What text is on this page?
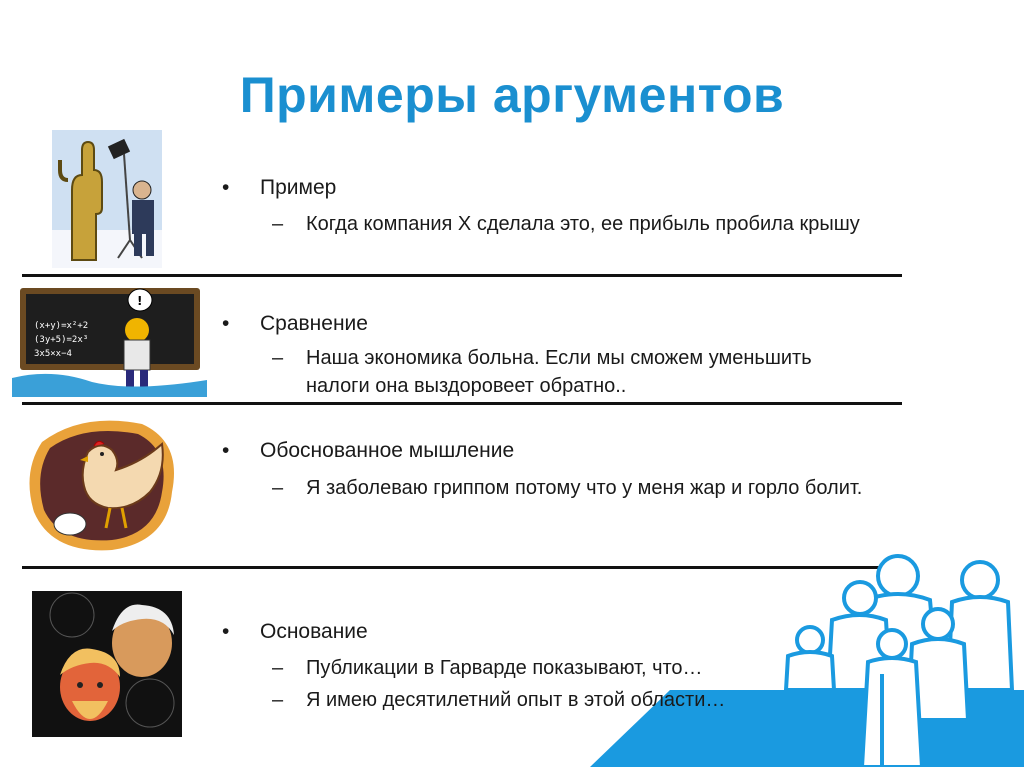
Примеры аргументов
• Пример
–	Когда компания X сделала это, ее прибыль пробила крышу
(x+y)=x²+2
(3y+5)=2x³
3x5×x−4
!
• Сравнение
–	Наша экономика больна. Если мы сможем уменьшить налоги она выздоровеет обратно..
• Обоснованное мышление
–	Я заболеваю гриппом потому что у меня жар и горло болит.
• Основание
–	Публикации в Гарварде показывают, что…
–	Я имею десятилетний опыт в этой области…
